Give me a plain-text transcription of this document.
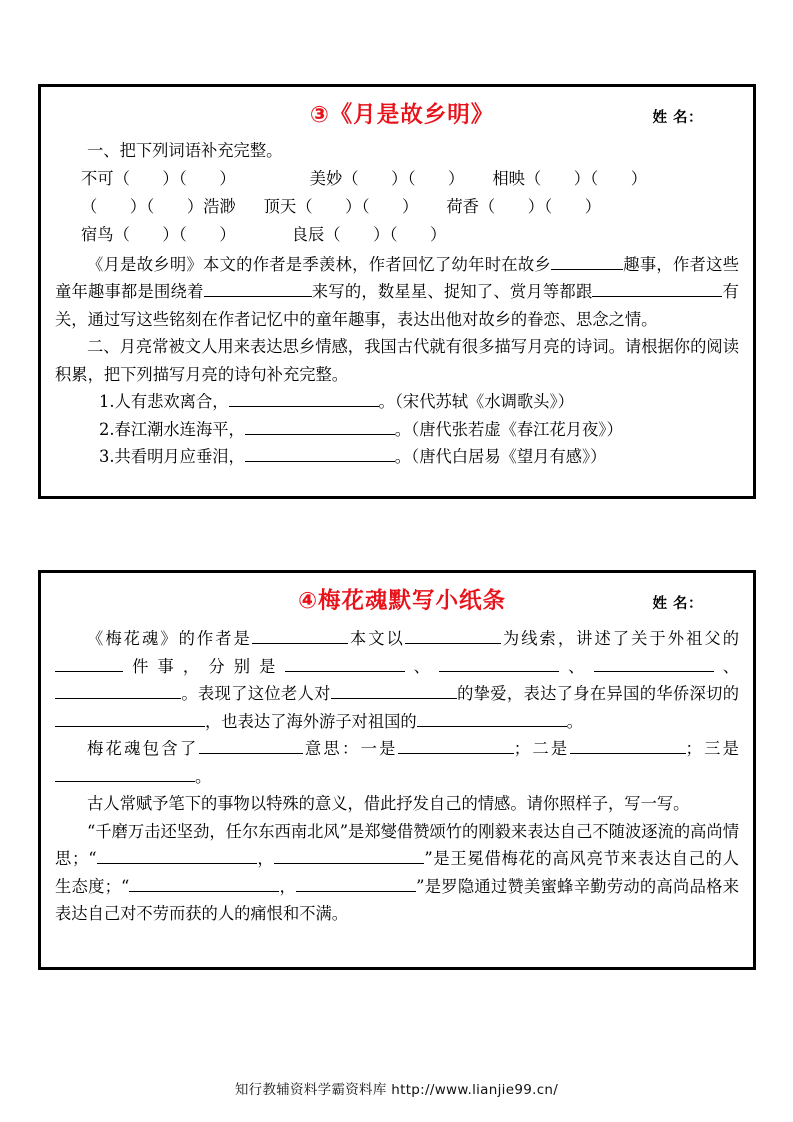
③《月是故乡明》	姓 名：

一、把下列词语补充完整。

不可（　　）（　　）	美妙（　　）（　　） 相映（　　）（　　）

（　　）（　　）浩渺 顶天（　　）（　　） 荷香（　　）（　　）

宿鸟（　　）（　　）	良辰（　　）（　　）

《月是故乡明》本文的作者是季羡林，作者回忆了幼年时在故乡	趣事，作者这些童年趣事都是围绕着	来写的，数星星、捉知了、赏月等都跟	有关，通过写这些铭刻在作者记忆中的童年趣事，表达出他对故乡的眷恋、思念之情。

二、月亮常被文人用来表达思乡情感，我国古代就有很多描写月亮的诗词。请根据你的阅读积累，把下列描写月亮的诗句补充完整。

1.人有悲欢离合，	。（宋代苏轼《水调歌头》）

2.春江潮水连海平，	。（唐代张若虚《春江花月夜》）

3.共看明月应垂泪，	。（唐代白居易《望月有感》）

④梅花魂默写小纸条	姓 名：

《梅花魂》的作者是	本文以	为线索，讲述了关于外祖父的件事，分别是	、	、	、。表现了这位老人对	的挚爱，表达了身在异国的华侨深切的，也表达了海外游子对祖国的	。

梅花魂包含了	意思：一是	；二是	；三是。

古人常赋予笔下的事物以特殊的意义，借此抒发自己的情感。请你照样子，写一写。

“千磨万击还坚劲，任尔东西南北风”是郑燮借赞颂竹的刚毅来表达自己不随波逐流的高尚情思；“	，	”是王冕借梅花的高风亮节来表达自己的人生态度；“	，	”是罗隐通过赞美蜜蜂辛勤劳动的高尚品格来表达自己对不劳而获的人的痛恨和不满。

知行教辅资料学霸资料库 http://www.lianjie99.cn/
